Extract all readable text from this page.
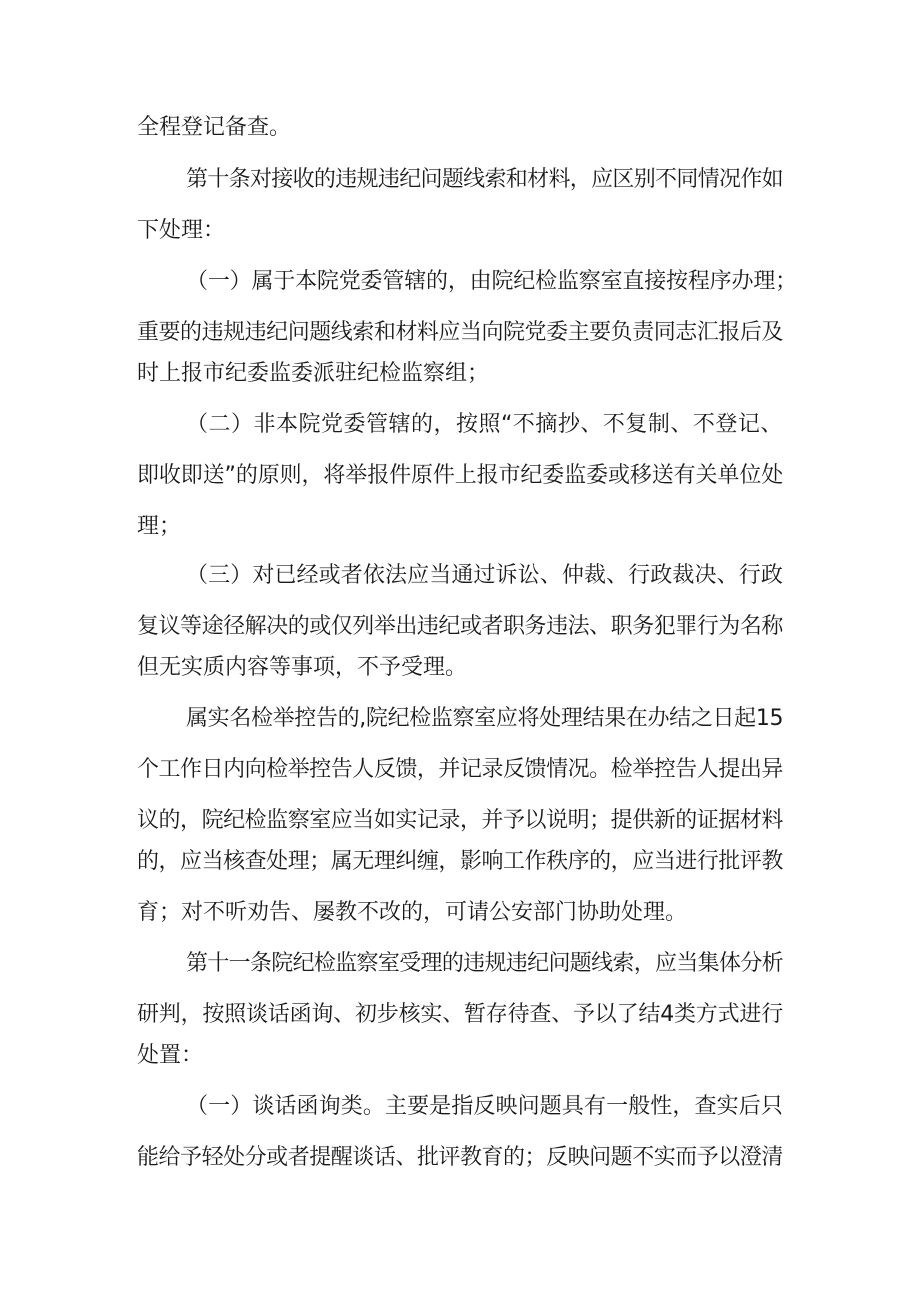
全程登记备查。
第十条对接收的违规违纪问题线索和材料，应区别不同情况作如
下处理：
（一）属于本院党委管辖的，由院纪检监察室直接按程序办理；
重要的违规违纪问题线索和材料应当向院党委主要负责同志汇报后及
时上报市纪委监委派驻纪检监察组；
（二）非本院党委管辖的，按照“不摘抄、不复制、不登记、
即收即送”的原则，将举报件原件上报市纪委监委或移送有关单位处
理；
（三）对已经或者依法应当通过诉讼、仲裁、行政裁决、行政
复议等途径解决的或仅列举出违纪或者职务违法、职务犯罪行为名称
但无实质内容等事项，不予受理。
属实名检举控告的,院纪检监察室应将处理结果在办结之日起15
个工作日内向检举控告人反馈，并记录反馈情况。检举控告人提出异
议的，院纪检监察室应当如实记录，并予以说明；提供新的证据材料
的，应当核查处理；属无理纠缠，影响工作秩序的，应当进行批评教
育；对不听劝告、屡教不改的，可请公安部门协助处理。
第十一条院纪检监察室受理的违规违纪问题线索，应当集体分析
研判，按照谈话函询、初步核实、暂存待查、予以了结4类方式进行
处置：
（一）谈话函询类。主要是指反映问题具有一般性，查实后只
能给予轻处分或者提醒谈话、批评教育的；反映问题不实而予以澄清
